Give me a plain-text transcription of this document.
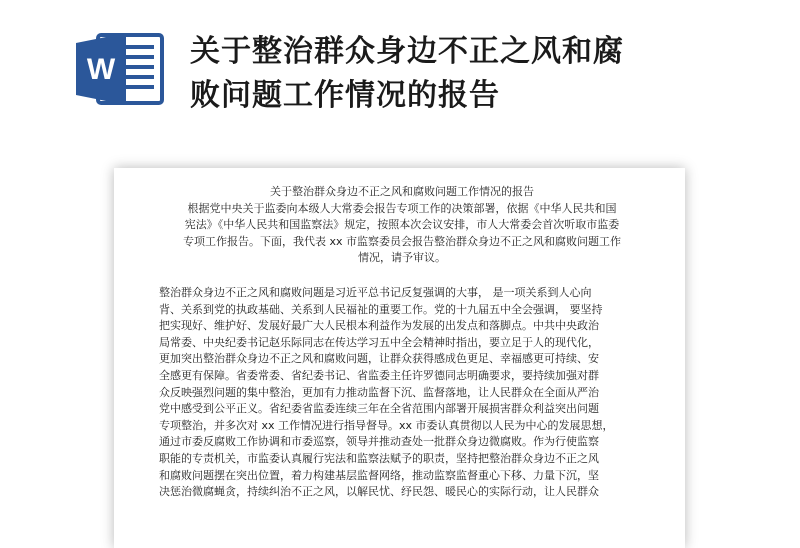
W
关于整治群众身边不正之风和腐
败问题工作情况的报告
关于整治群众身边不正之风和腐败问题工作情况的报告
根据党中央关于监委向本级人大常委会报告专项工作的决策部署，依据《中华人民共和国
宪法》《中华人民共和国监察法》规定，按照本次会议安排，市人大常委会首次听取市监委
专项工作报告。下面，我代表 xx 市监察委员会报告整治群众身边不正之风和腐败问题工作
情况，请予审议。
整治群众身边不正之风和腐败问题是习近平总书记反复强调的大事， 是一项关系到人心向
背、关系到党的执政基础、关系到人民福祉的重要工作。党的十九届五中全会强调， 要坚持
把实现好、维护好、发展好最广大人民根本利益作为发展的出发点和落脚点。中共中央政治
局常委、中央纪委书记赵乐际同志在传达学习五中全会精神时指出，要立足于人的现代化，
更加突出整治群众身边不正之风和腐败问题，让群众获得感成色更足、幸福感更可持续、安
全感更有保障。省委常委、省纪委书记、省监委主任许罗德同志明确要求，要持续加强对群
众反映强烈问题的集中整治，更加有力推动监督下沉、监督落地，让人民群众在全面从严治
党中感受到公平正义。省纪委省监委连续三年在全省范围内部署开展损害群众利益突出问题
专项整治，并多次对 xx 工作情况进行指导督导。xx 市委认真贯彻以人民为中心的发展思想，
通过市委反腐败工作协调和市委巡察，领导并推动查处一批群众身边微腐败。作为行使监察
职能的专责机关，市监委认真履行宪法和监察法赋予的职责，坚持把整治群众身边不正之风
和腐败问题摆在突出位置，着力构建基层监督网络，推动监察监督重心下移、力量下沉，坚
决惩治微腐蝇贪，持续纠治不正之风，以解民忧、纾民怨、暖民心的实际行动，让人民群众
